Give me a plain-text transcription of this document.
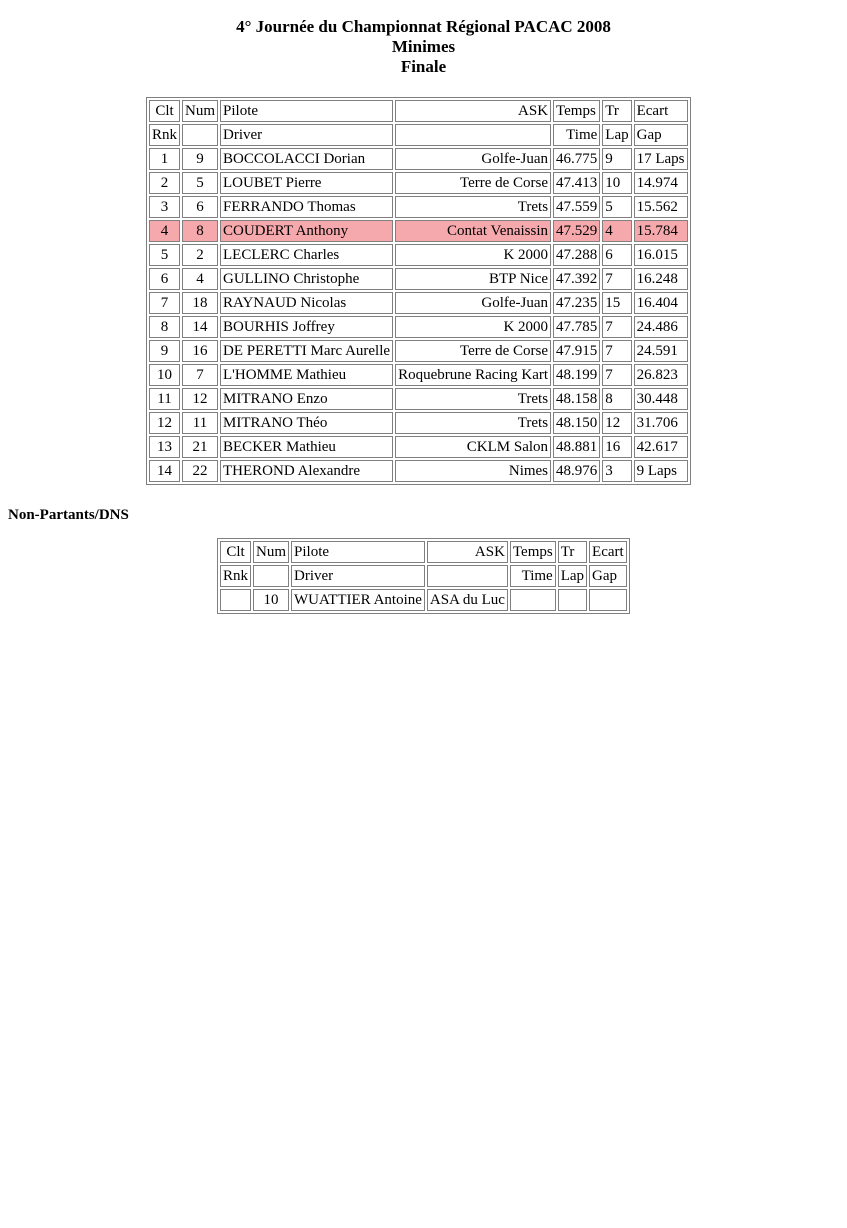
4° Journée du Championnat Régional PACAC 2008
Minimes
Finale
Clt	Num	Pilote	ASK	Temps	Tr	Ecart
Rnk		Driver		Time	Lap	Gap
1	9	BOCCOLACCI Dorian	Golfe-Juan	46.775	9	17 Laps
2	5	LOUBET Pierre	Terre de Corse	47.413	10	14.974
3	6	FERRANDO Thomas	Trets	47.559	5	15.562
4	8	COUDERT Anthony	Contat Venaissin	47.529	4	15.784
5	2	LECLERC Charles	K 2000	47.288	6	16.015
6	4	GULLINO Christophe	BTP Nice	47.392	7	16.248
7	18	RAYNAUD Nicolas	Golfe-Juan	47.235	15	16.404
8	14	BOURHIS Joffrey	K 2000	47.785	7	24.486
9	16	DE PERETTI Marc Aurelle	Terre de Corse	47.915	7	24.591
10	7	L'HOMME Mathieu	Roquebrune Racing Kart	48.199	7	26.823
11	12	MITRANO Enzo	Trets	48.158	8	30.448
12	11	MITRANO Théo	Trets	48.150	12	31.706
13	21	BECKER Mathieu	CKLM Salon	48.881	16	42.617
14	22	THEROND Alexandre	Nimes	48.976	3	9 Laps
Non-Partants/DNS
Clt	Num	Pilote	ASK	Temps	Tr	Ecart
Rnk		Driver		Time	Lap	Gap
	10	WUATTIER Antoine	ASA du Luc			
